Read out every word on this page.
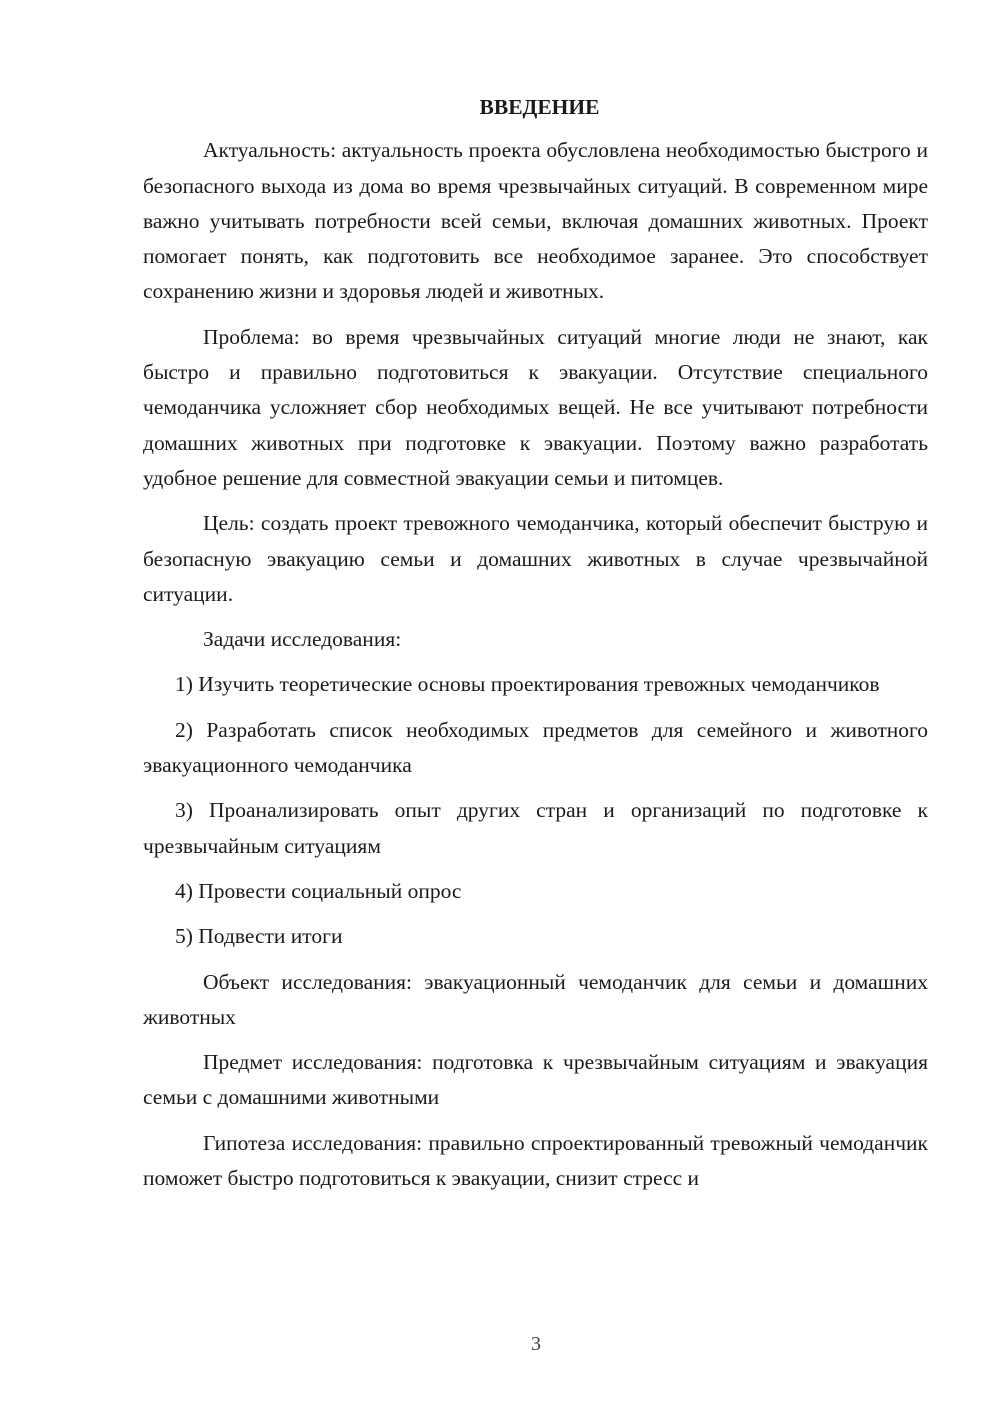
ВВЕДЕНИЕ

Актуальность: актуальность проекта обусловлена необходимостью быстрого и безопасного выхода из дома во время чрезвычайных ситуаций. В современном мире важно учитывать потребности всей семьи, включая домашних животных. Проект помогает понять, как подготовить все необходимое заранее. Это способствует сохранению жизни и здоровья людей и животных.

Проблема: во время чрезвычайных ситуаций многие люди не знают, как быстро и правильно подготовиться к эвакуации. Отсутствие специального чемоданчика усложняет сбор необходимых вещей. Не все учитывают потребности домашних животных при подготовке к эвакуации. Поэтому важно разработать удобное решение для совместной эвакуации семьи и питомцев.

Цель: создать проект тревожного чемоданчика, который обеспечит быструю и безопасную эвакуацию семьи и домашних животных в случае чрезвычайной ситуации.

Задачи исследования:

1) Изучить теоретические основы проектирования тревожных чемоданчиков

2) Разработать список необходимых предметов для семейного и животного эвакуационного чемоданчика

3) Проанализировать опыт других стран и организаций по подготовке к чрезвычайным ситуациям

4) Провести социальный опрос

5) Подвести итоги

Объект исследования: эвакуационный чемоданчик для семьи и домашних животных

Предмет исследования: подготовка к чрезвычайным ситуациям и эвакуация семьи с домашними животными

Гипотеза исследования: правильно спроектированный тревожный чемоданчик поможет быстро подготовиться к эвакуации, снизит стресс и

3
